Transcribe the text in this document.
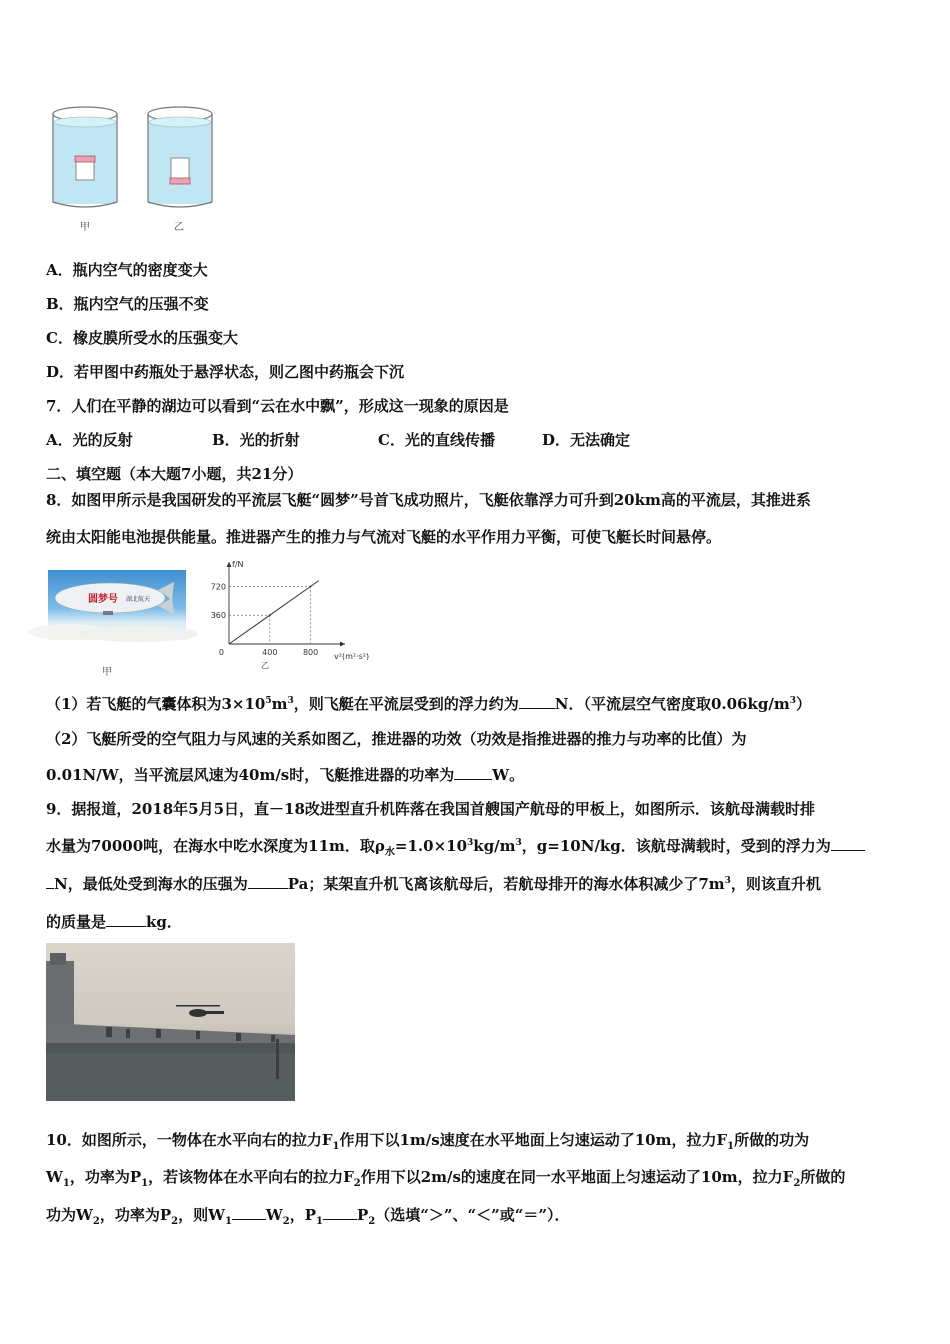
甲	乙
A．瓶内空气的密度变大
B．瓶内空气的压强不变
C．橡皮膜所受水的压强变大
D．若甲图中药瓶处于悬浮状态，则乙图中药瓶会下沉
7．人们在平静的湖边可以看到“云在水中飘”，形成这一现象的原因是
A．光的反射	B．光的折射	C．光的直线传播	D．无法确定
二、填空题（本大题7小题，共21分）
8．如图甲所示是我国研发的平流层飞艇“圆梦”号首飞成功照片，飞艇依靠浮力可升到20km高的平流层，其推进系
统由太阳能电池提供能量。推进器产生的推力与气流对飞艇的水平作用力平衡，可使飞艇长时间悬停。
圆梦号 湖北航天
甲
360
720
400	800
0
f/N
v²(m²·s²)
乙
（1）若飞艇的气囊体积为$3\times 10^5m^3$，则飞艇在平流层受到的浮力约为 N．（平流层空气密度取$0.06kg/m^3$）
（2）飞艇所受的空气阻力与风速的关系如图乙，推进器的功效（功效是指推进器的推力与功率的比值）为
0.01N/W，当平流层风速为40m/s时，飞艇推进器的功率为	W。
9．据报道，2018年5月5日，直－18改进型直升机阵落在我国首艘国产航母的甲板上，如图所示．该航母满载时排
水量为70000吨，在海水中吃水深度为11m．取$\rho_水=1.0\times 10^3kg/m^3$，g=10N/kg．该航母满载时，受到的浮力为
N，最低处受到海水的压强为	Pa；某架直升机飞离该航母后，若航母排开的海水体积减少了$7m^3$，则该直升机
的质量是	kg．
10．如图所示，一物体在水平向右的拉力$F_1$作用下以1m/s速度在水平地面上匀速运动了10m，拉力$F_1$所做的功为
$W_1$，功率为$P_1$，若该物体在水平向右的拉力$F_2$作用下以2m/s的速度在同一水平地面上匀速运动了10m，拉力$F_2$所做的
功为$W_2$，功率为$P_2$，则$W_1$ $W_2$，$P_1$ $P_2$（选填“＞”、“＜”或“＝”）．
